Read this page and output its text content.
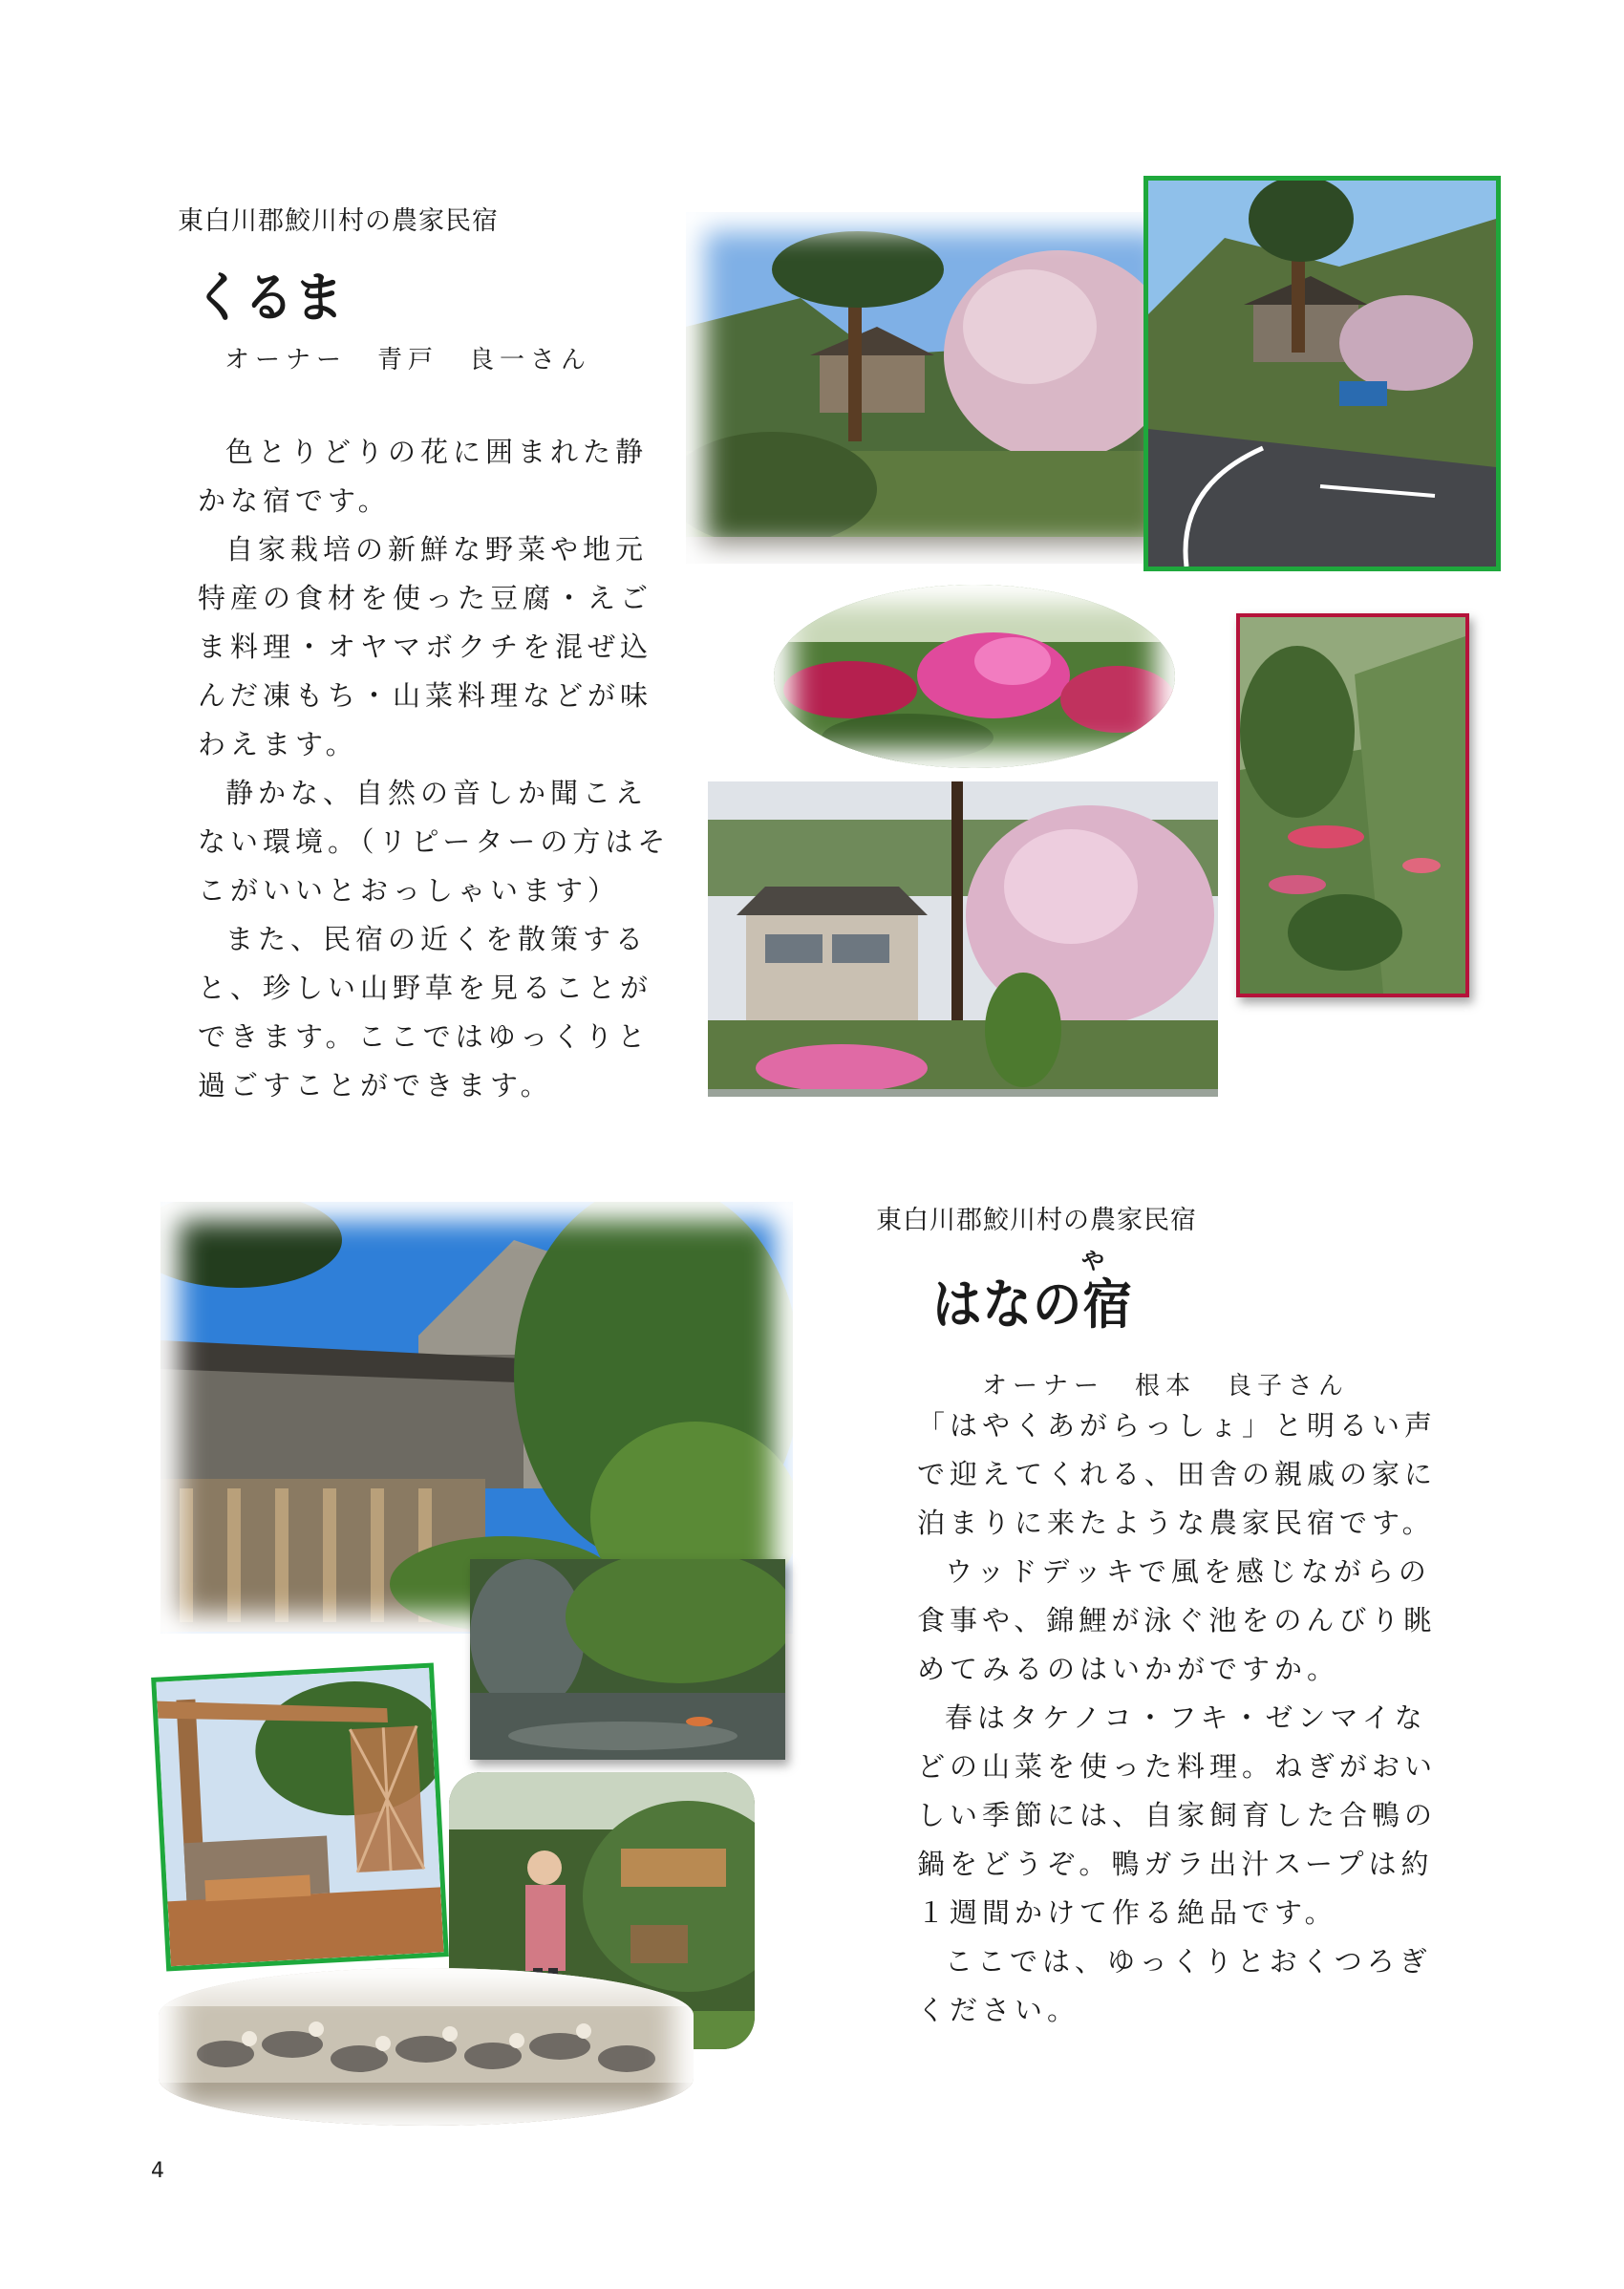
東白川郡鮫川村の農家民宿
くるま
オーナー　青戸　良一さん

色とりどりの花に囲まれた静かな宿です。

自家栽培の新鮮な野菜や地元特産の食材を使った豆腐・えごま料理・オヤマボクチを混ぜ込んだ凍もち・山菜料理などが味わえます。

静かな、自然の音しか聞こえない環境。（リピーターの方はそこがいいとおっしゃいます）

また、民宿の近くを散策すると、珍しい山野草を見ることができます。ここではゆっくりと過ごすことができます。

東白川郡鮫川村の農家民宿
や
はなの宿
オーナー　根本　良子さん

「はやくあがらっしょ」と明るい声で迎えてくれる、田舎の親戚の家に泊まりに来たような農家民宿です。

ウッドデッキで風を感じながらの食事や、錦鯉が泳ぐ池をのんびり眺めてみるのはいかがですか。

春はタケノコ・フキ・ゼンマイなどの山菜を使った料理。ねぎがおいしい季節には、自家飼育した合鴨の鍋をどうぞ。鴨ガラ出汁スープは約１週間かけて作る絶品です。

ここでは、ゆっくりとおくつろぎください。

4
